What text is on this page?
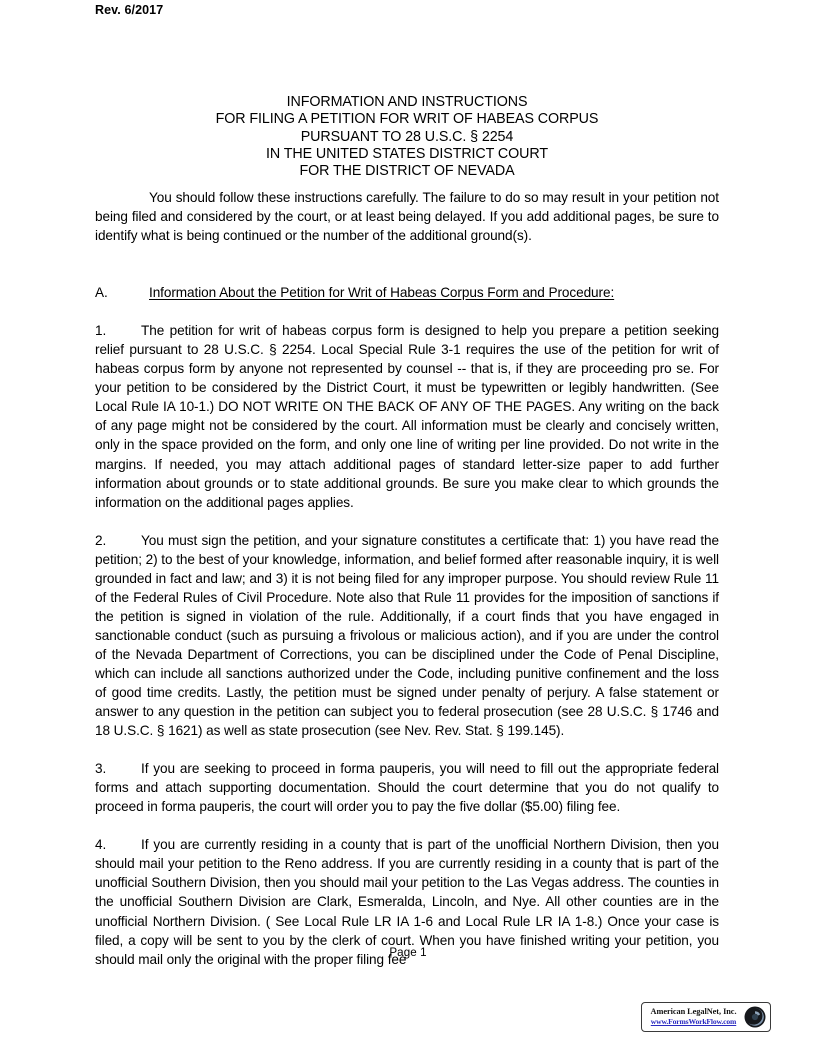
Rev. 6/2017
INFORMATION AND INSTRUCTIONS
FOR FILING A PETITION FOR WRIT OF HABEAS CORPUS
PURSUANT TO 28 U.S.C. § 2254
IN THE UNITED STATES DISTRICT COURT
FOR THE DISTRICT OF NEVADA

You should follow these instructions carefully. The failure to do so may result in your petition not being filed and considered by the court, or at least being delayed. If you add additional pages, be sure to identify what is being continued or the number of the additional ground(s).

A.	Information About the Petition for Writ of Habeas Corpus Form and Procedure:

1.	The petition for writ of habeas corpus form is designed to help you prepare a petition seeking relief pursuant to 28 U.S.C. § 2254. Local Special Rule 3-1 requires the use of the petition for writ of habeas corpus form by anyone not represented by counsel -- that is, if they are proceeding pro se. For your petition to be considered by the District Court, it must be typewritten or legibly handwritten. (See Local Rule IA 10-1.) DO NOT WRITE ON THE BACK OF ANY OF THE PAGES. Any writing on the back of any page might not be considered by the court. All information must be clearly and concisely written, only in the space provided on the form, and only one line of writing per line provided. Do not write in the margins. If needed, you may attach additional pages of standard letter-size paper to add further information about grounds or to state additional grounds. Be sure you make clear to which grounds the information on the additional pages applies.

2.	You must sign the petition, and your signature constitutes a certificate that: 1) you have read the petition; 2) to the best of your knowledge, information, and belief formed after reasonable inquiry, it is well grounded in fact and law; and 3) it is not being filed for any improper purpose. You should review Rule 11 of the Federal Rules of Civil Procedure. Note also that Rule 11 provides for the imposition of sanctions if the petition is signed in violation of the rule. Additionally, if a court finds that you have engaged in sanctionable conduct (such as pursuing a frivolous or malicious action), and if you are under the control of the Nevada Department of Corrections, you can be disciplined under the Code of Penal Discipline, which can include all sanctions authorized under the Code, including punitive confinement and the loss of good time credits. Lastly, the petition must be signed under penalty of perjury. A false statement or answer to any question in the petition can subject you to federal prosecution (see 28 U.S.C. § 1746 and 18 U.S.C. § 1621) as well as state prosecution (see Nev. Rev. Stat. § 199.145).

3.	If you are seeking to proceed in forma pauperis, you will need to fill out the appropriate federal forms and attach supporting documentation. Should the court determine that you do not qualify to proceed in forma pauperis, the court will order you to pay the five dollar ($5.00) filing fee.

4.	If you are currently residing in a county that is part of the unofficial Northern Division, then you should mail your petition to the Reno address. If you are currently residing in a county that is part of the unofficial Southern Division, then you should mail your petition to the Las Vegas address. The counties in the unofficial Southern Division are Clark, Esmeralda, Lincoln, and Nye. All other counties are in the unofficial Northern Division. ( See Local Rule LR IA 1-6 and Local Rule LR IA 1-8.) Once your case is filed, a copy will be sent to you by the clerk of court. When you have finished writing your petition, you should mail only the original with the proper filing fee

Page 1
American LegalNet, Inc.
www.FormsWorkFlow.com
